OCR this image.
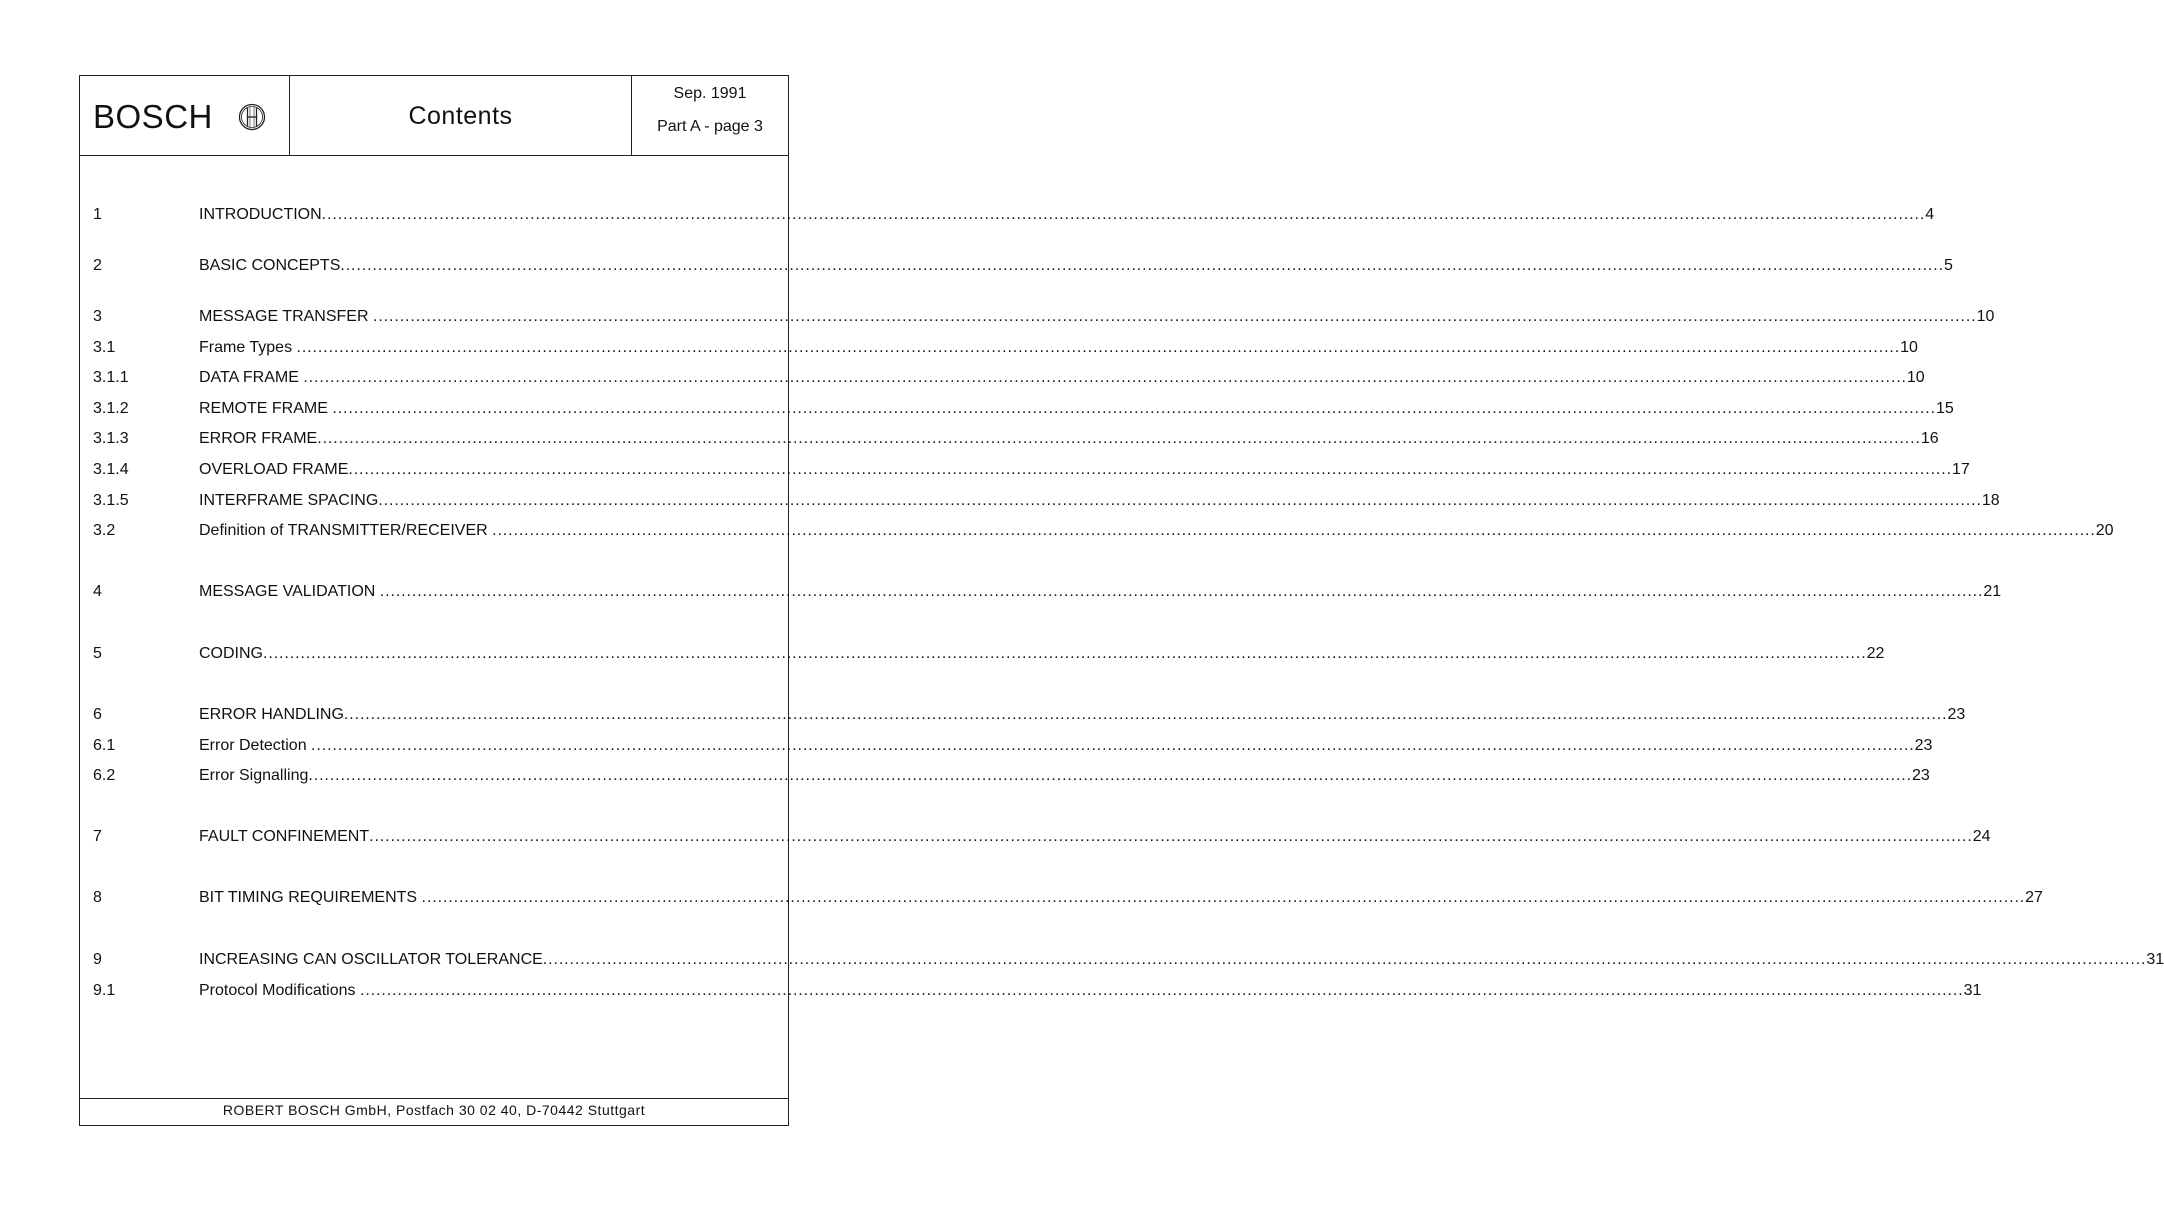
BOSCH	Contents
Sep. 1991
Part A - page 3
1	INTRODUCTION ............................................................................................................................................................................................................................................................................................................ 4
2	BASIC CONCEPTS ............................................................................................................................................................................................................................................................................................................ 5
3	MESSAGE TRANSFER ............................................................................................................................................................................................................................................................................................................ 10
3.1	Frame Types ............................................................................................................................................................................................................................................................................................................ 10
3.1.1	DATA FRAME ............................................................................................................................................................................................................................................................................................................ 10
3.1.2	REMOTE FRAME ............................................................................................................................................................................................................................................................................................................ 15
3.1.3	ERROR FRAME ............................................................................................................................................................................................................................................................................................................ 16
3.1.4	OVERLOAD FRAME ............................................................................................................................................................................................................................................................................................................ 17
3.1.5	INTERFRAME SPACING ............................................................................................................................................................................................................................................................................................................ 18
3.2	Definition of TRANSMITTER/RECEIVER ............................................................................................................................................................................................................................................................................................................ 20
4	MESSAGE VALIDATION ............................................................................................................................................................................................................................................................................................................ 21
5	CODING ............................................................................................................................................................................................................................................................................................................ 22
6	ERROR HANDLING ............................................................................................................................................................................................................................................................................................................ 23
6.1	Error Detection ............................................................................................................................................................................................................................................................................................................ 23
6.2	Error Signalling ............................................................................................................................................................................................................................................................................................................ 23
7	FAULT CONFINEMENT ............................................................................................................................................................................................................................................................................................................ 24
8	BIT TIMING REQUIREMENTS ............................................................................................................................................................................................................................................................................................................ 27
9	INCREASING CAN OSCILLATOR TOLERANCE ............................................................................................................................................................................................................................................................................................................ 31
9.1	Protocol Modifications ............................................................................................................................................................................................................................................................................................................ 31
ROBERT BOSCH GmbH, Postfach 30 02 40, D-70442 Stuttgart
